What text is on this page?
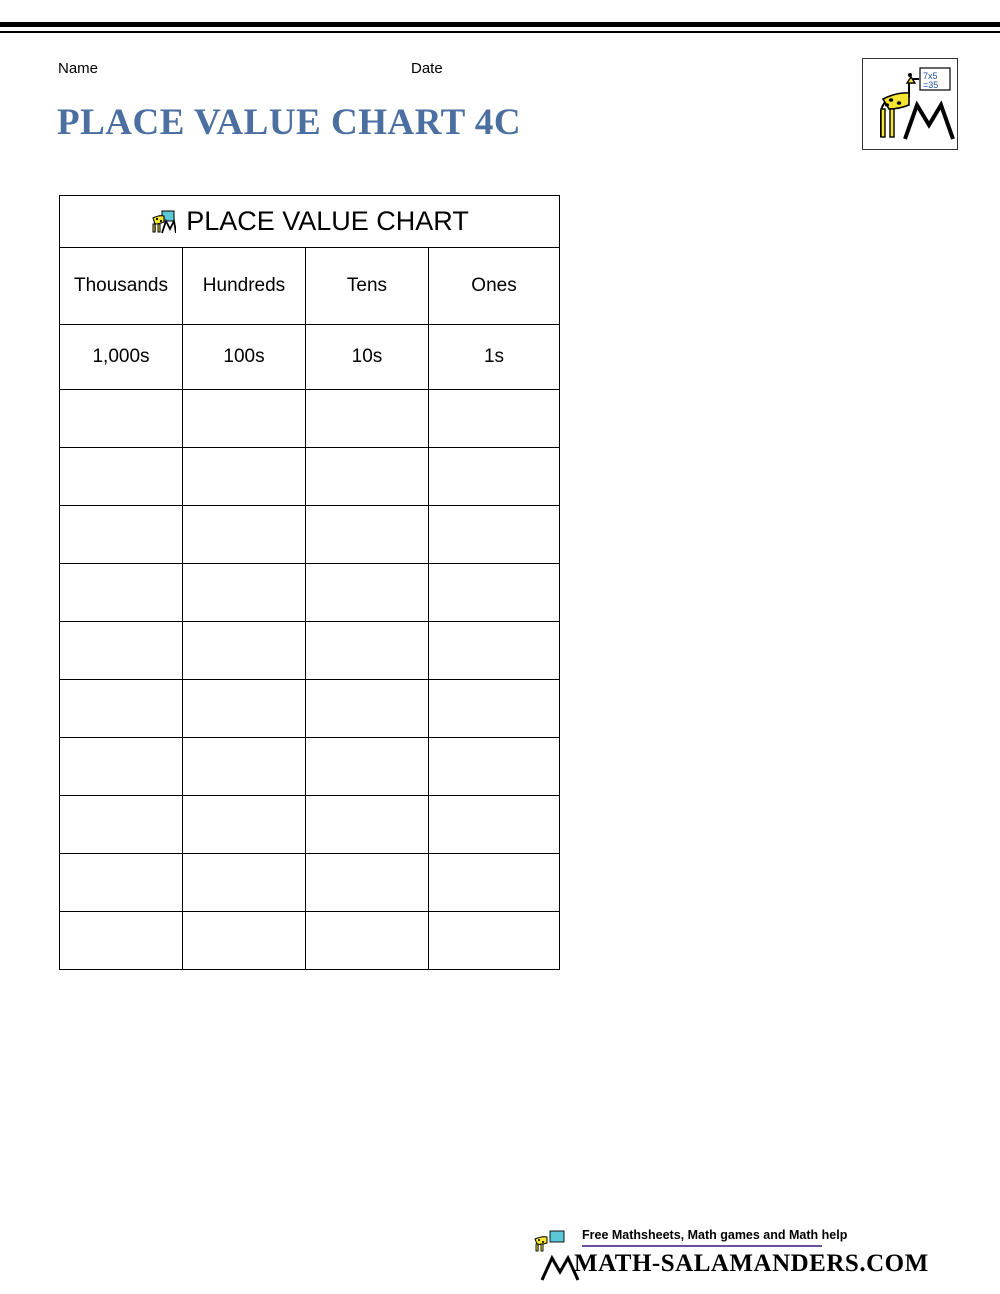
Name	Date
PLACE VALUE CHART 4C
7x5
=35
PLACE VALUE CHART			

Thousands	Hundreds	Tens	Ones
1,000s	100s	10s	1s

Free Mathsheets, Math games and Math help
MATH-SALAMANDERS.COM
